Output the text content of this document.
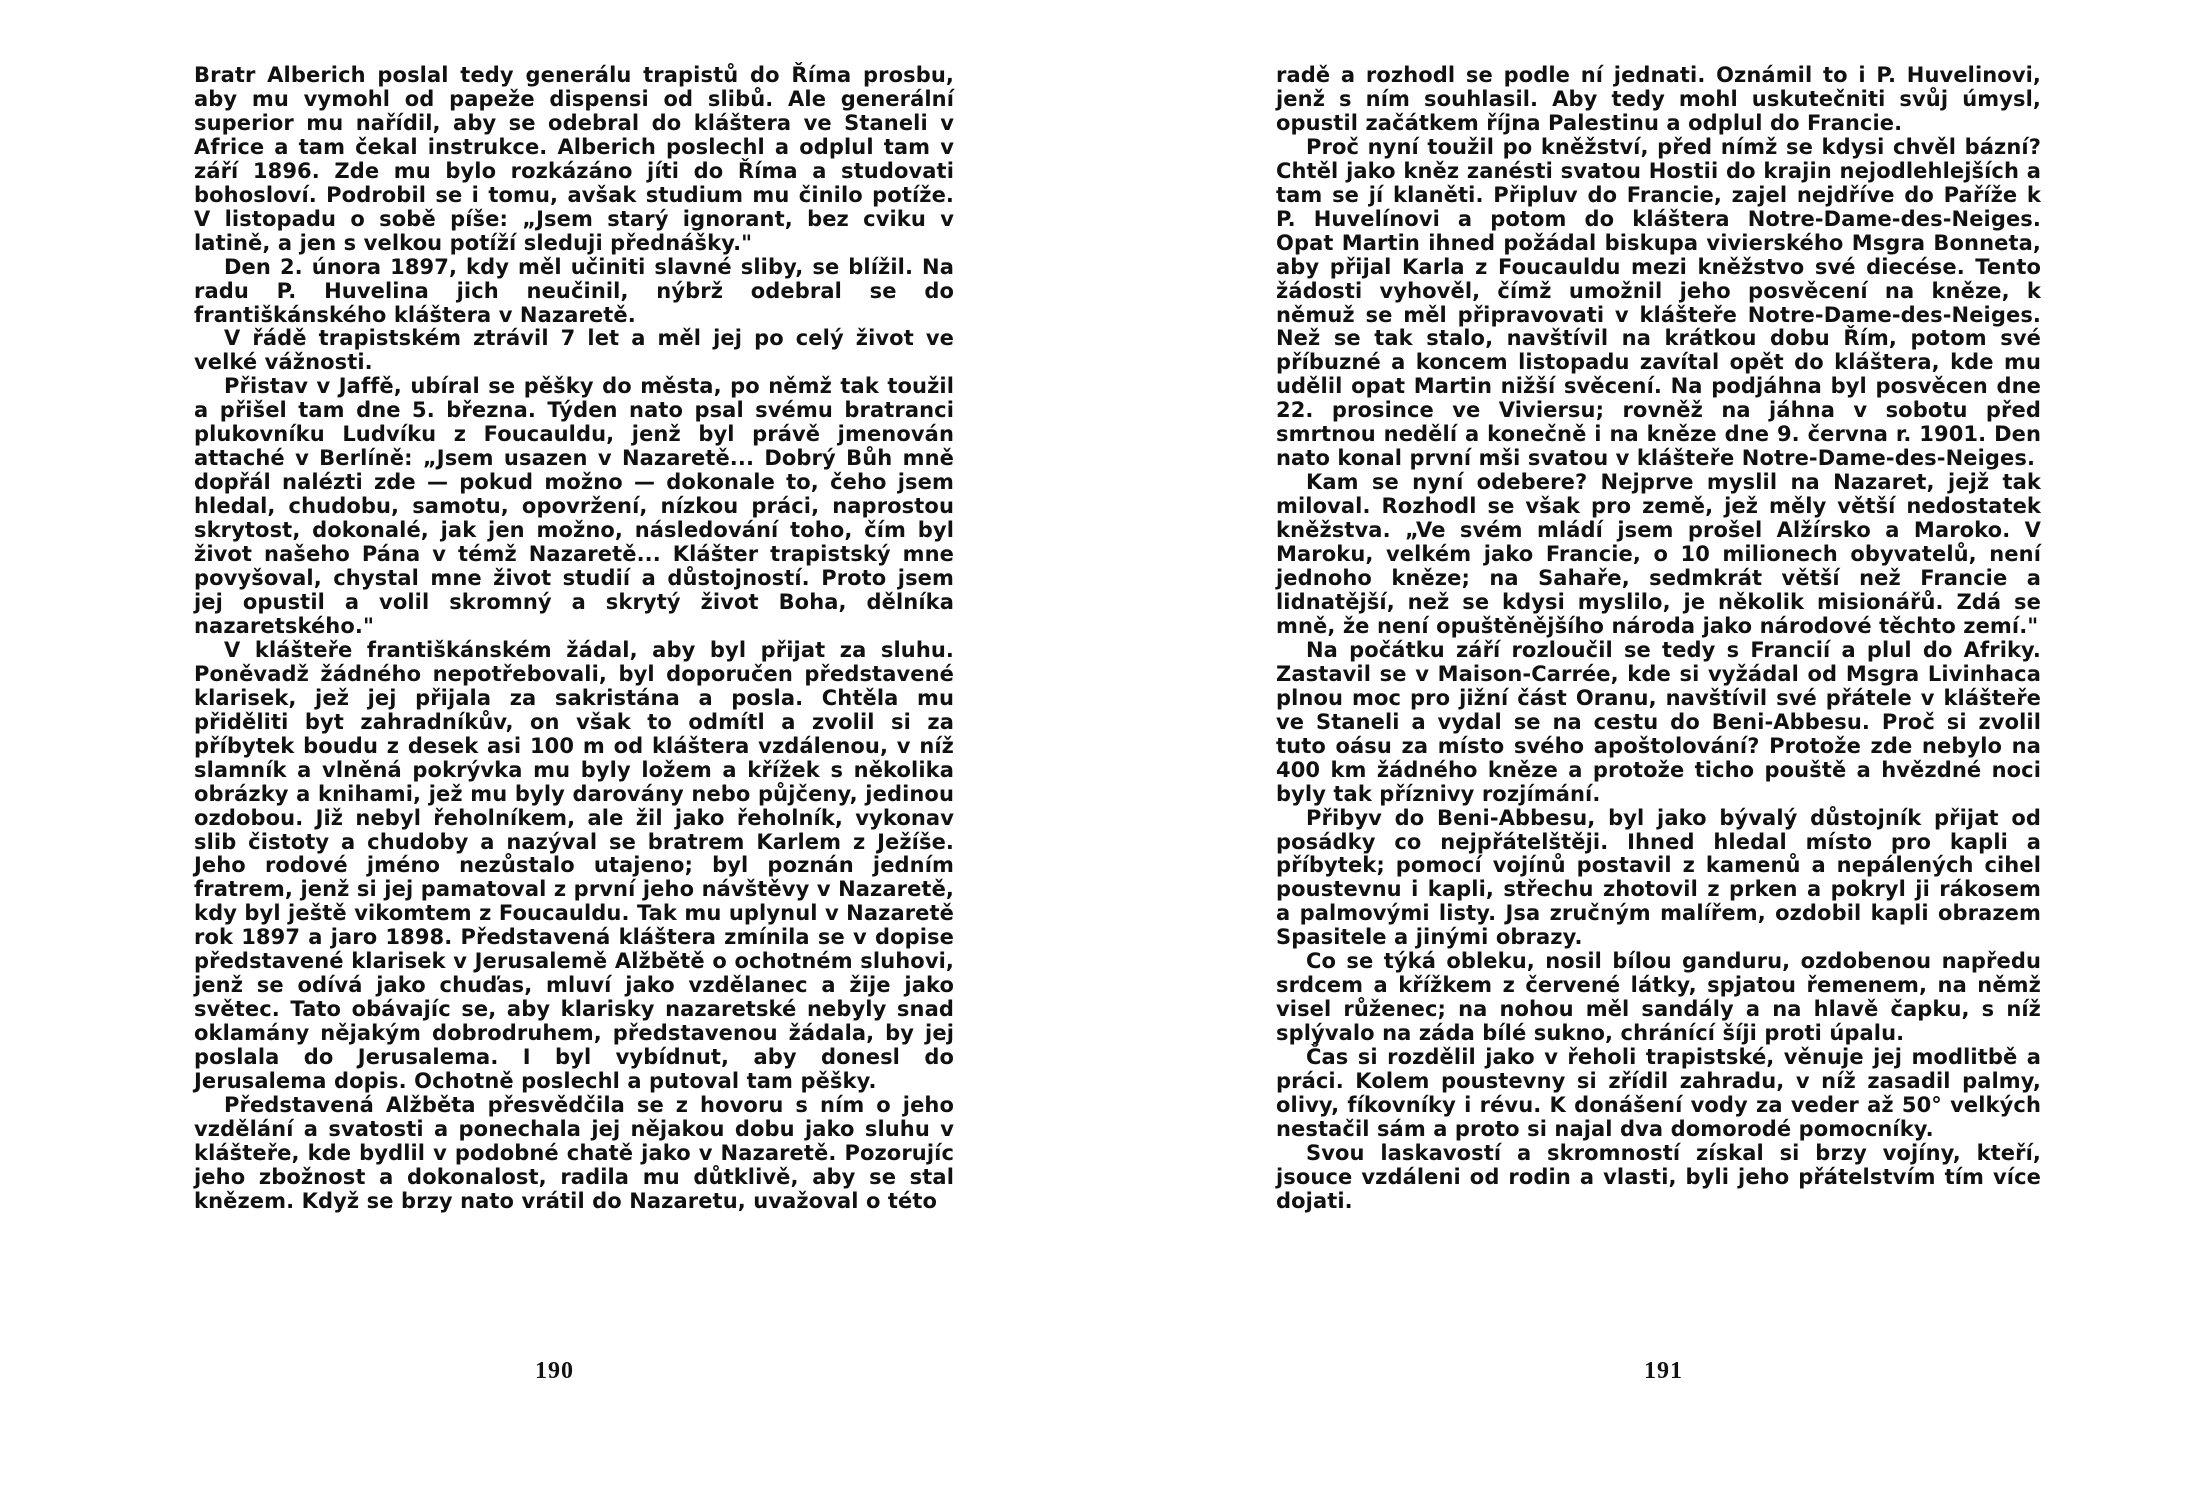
Bratr Alberich poslal tedy generálu trapistů do Říma prosbu, aby mu vymohl od papeže dispensi od slibů. Ale generální superior mu nařídil, aby se odebral do kláštera ve Staneli v Africe a tam čekal instrukce. Alberich poslechl a odplul tam v září 1896. Zde mu bylo rozkázáno jíti do Říma a studovati bohosloví. Podrobil se i tomu, avšak studium mu činilo potíže. V listopadu o sobě píše: „Jsem starý ignorant, bez cviku v latině, a jen s velkou potíží sleduji přednášky."

Den 2. února 1897, kdy měl učiniti slavné sliby, se blížil. Na radu P. Huvelina jich neučinil, nýbrž odebral se do františkánského kláštera v Nazaretě.

V řádě trapistském ztrávil 7 let a měl jej po celý život ve velké vážnosti.

Přistav v Jaffě, ubíral se pěšky do města, po němž tak toužil a přišel tam dne 5. března. Týden nato psal svému bratranci plukovníku Ludvíku z Foucauldu, jenž byl právě jmenován attaché v Berlíně: „Jsem usazen v Nazaretě... Dobrý Bůh mně dopřál nalézti zde — pokud možno — dokonale to, čeho jsem hledal, chudobu, samotu, opovržení, nízkou práci, naprostou skrytost, dokonalé, jak jen možno, následování toho, čím byl život našeho Pána v témž Nazaretě... Klášter trapistský mne povyšoval, chystal mne život studií a důstojností. Proto jsem jej opustil a volil skromný a skrytý život Boha, dělníka nazaretského."

V klášteře františkánském žádal, aby byl přijat za sluhu. Poněvadž žádného nepotřebovali, byl doporučen představené klarisek, jež jej přijala za sakristána a posla. Chtěla mu přiděliti byt zahradníkův, on však to odmítl a zvolil si za příbytek boudu z desek asi 100 m od kláštera vzdálenou, v níž slamník a vlněná pokrývka mu byly ložem a křížek s několika obrázky a knihami, jež mu byly darovány nebo půjčeny, jedinou ozdobou. Již nebyl řeholníkem, ale žil jako řeholník, vykonav slib čistoty a chudoby a nazýval se bratrem Karlem z Ježíše. Jeho rodové jméno nezůstalo utajeno; byl poznán jedním fratrem, jenž si jej pamatoval z první jeho návštěvy v Nazaretě, kdy byl ještě vikomtem z Foucauldu. Tak mu uplynul v Nazaretě rok 1897 a jaro 1898. Představená kláštera zmínila se v dopise představené klarisek v Jerusalemě Alžbětě o ochotném sluhovi, jenž se odívá jako chuďas, mluví jako vzdělanec a žije jako světec. Tato obávajíc se, aby klarisky nazaretské nebyly snad oklamány nějakým dobrodruhem, představenou žádala, by jej poslala do Jerusalema. I byl vybídnut, aby donesl do Jerusalema dopis. Ochotně poslechl a putoval tam pěšky.

Představená Alžběta přesvědčila se z hovoru s ním o jeho vzdělání a svatosti a ponechala jej nějakou dobu jako sluhu v klášteře, kde bydlil v podobné chatě jako v Nazaretě. Pozorujíc jeho zbožnost a dokonalost, radila mu důtklivě, aby se stal knězem. Když se brzy nato vrátil do Nazaretu, uvažoval o této

190

radě a rozhodl se podle ní jednati. Oznámil to i P. Huvelinovi, jenž s ním souhlasil. Aby tedy mohl uskutečniti svůj úmysl, opustil začátkem října Palestinu a odplul do Francie.

Proč nyní toužil po kněžství, před nímž se kdysi chvěl bázní? Chtěl jako kněz zanésti svatou Hostii do krajin nejodlehlejších a tam se jí klaněti. Připluv do Francie, zajel nejdříve do Paříže k P. Huvelínovi a potom do kláštera Notre-Dame-des-Neiges. Opat Martin ihned požádal biskupa vivierského Msgra Bonneta, aby přijal Karla z Foucauldu mezi kněžstvo své diecése. Tento žádosti vyhověl, čímž umožnil jeho posvěcení na kněze, k němuž se měl připravovati v klášteře Notre-Dame-des-Neiges. Než se tak stalo, navštívil na krátkou dobu Řím, potom své příbuzné a koncem listopadu zavítal opět do kláštera, kde mu udělil opat Martin nižší svěcení. Na podjáhna byl posvěcen dne 22. prosince ve Viviersu; rovněž na jáhna v sobotu před smrtnou nedělí a konečně i na kněze dne 9. června r. 1901. Den nato konal první mši svatou v klášteře Notre-Dame-des-Neiges.

Kam se nyní odebere? Nejprve myslil na Nazaret, jejž tak miloval. Rozhodl se však pro země, jež měly větší nedostatek kněžstva. „Ve svém mládí jsem prošel Alžírsko a Maroko. V Maroku, velkém jako Francie, o 10 milionech obyvatelů, není jednoho kněze; na Sahaře, sedmkrát větší než Francie a lidnatější, než se kdysi myslilo, je několik misionářů. Zdá se mně, že není opuštěnějšího národa jako národové těchto zemí."

Na počátku září rozloučil se tedy s Francií a plul do Afriky. Zastavil se v Maison-Carrée, kde si vyžádal od Msgra Livinhaca plnou moc pro jižní část Oranu, navštívil své přátele v klášteře ve Staneli a vydal se na cestu do Beni-Abbesu. Proč si zvolil tuto oásu za místo svého apoštolování? Protože zde nebylo na 400 km žádného kněze a protože ticho pouště a hvězdné noci byly tak příznivy rozjímání.

Přibyv do Beni-Abbesu, byl jako bývalý důstojník přijat od posádky co nejpřátelštěji. Ihned hledal místo pro kapli a příbytek; pomocí vojínů postavil z kamenů a nepálených cihel poustevnu i kapli, střechu zhotovil z prken a pokryl ji rákosem a palmovými listy. Jsa zručným malířem, ozdobil kapli obrazem Spasitele a jinými obrazy.

Co se týká obleku, nosil bílou ganduru, ozdobenou napředu srdcem a křížkem z červené látky, spjatou řemenem, na němž visel růženec; na nohou měl sandály a na hlavě čapku, s níž splývalo na záda bílé sukno, chránící šíji proti úpalu.

Čas si rozdělil jako v řeholi trapistské, věnuje jej modlitbě a práci. Kolem poustevny si zřídil zahradu, v níž zasadil palmy, olivy, fíkovníky i révu. K donášení vody za veder až 50° velkých nestačil sám a proto si najal dva domorodé pomocníky.

Svou laskavostí a skromností získal si brzy vojíny, kteří, jsouce vzdáleni od rodin a vlasti, byli jeho přátelstvím tím více dojati.

191
